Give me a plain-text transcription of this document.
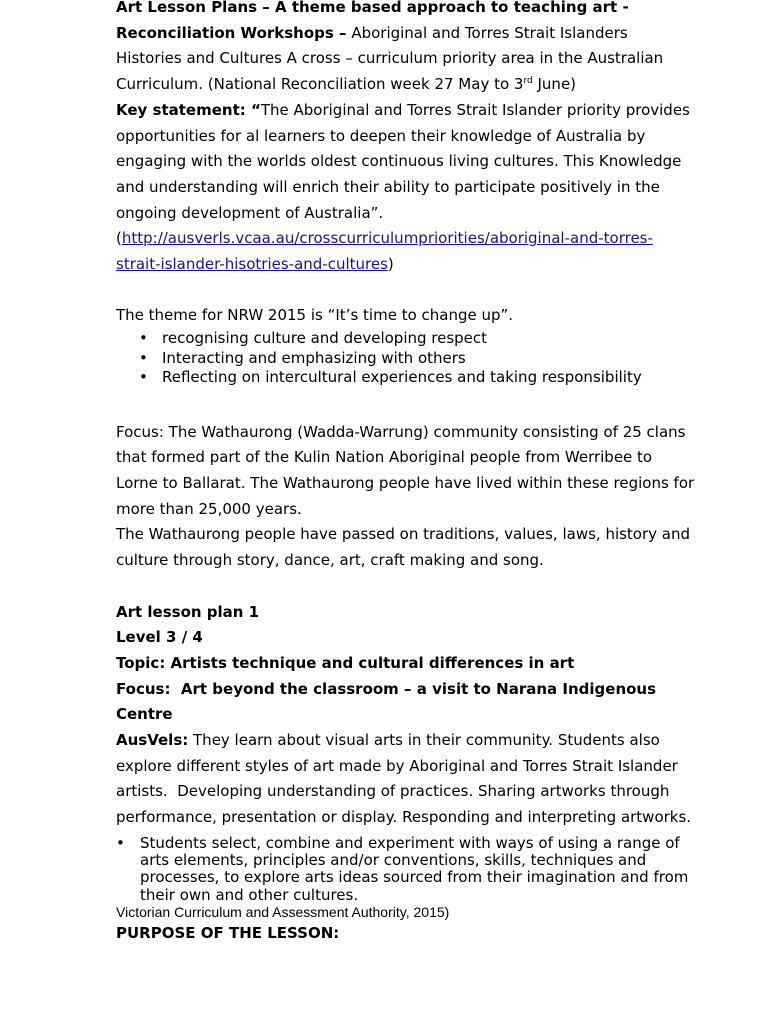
Art Lesson Plans – A theme based approach to teaching art - Reconciliation Workshops – Aboriginal and Torres Strait Islanders Histories and Cultures A cross – curriculum priority area in the Australian Curriculum. (National Reconciliation week 27 May to 3rd June)

Key statement: “The Aboriginal and Torres Strait Islander priority provides opportunities for al learners to deepen their knowledge of Australia by engaging with the worlds oldest continuous living cultures. This Knowledge and understanding will enrich their ability to participate positively in the ongoing development of Australia”.
(http://ausverls.vcaa.au/crosscurriculumpriorities/aboriginal-and-torres-strait-islander-hisotries-and-cultures)

The theme for NRW 2015 is “It’s time to change up”.

• recognising culture and developing respect
• Interacting and emphasizing with others
• Reflecting on intercultural experiences and taking responsibility

Focus: The Wathaurong (Wadda-Warrung) community consisting of 25 clans that formed part of the Kulin Nation Aboriginal people from Werribee to Lorne to Ballarat. The Wathaurong people have lived within these regions for more than 25,000 years.

The Wathaurong people have passed on traditions, values, laws, history and culture through story, dance, art, craft making and song.

Art lesson plan 1

Level 3 / 4

Topic: Artists technique and cultural differences in art

Focus:  Art beyond the classroom – a visit to Narana Indigenous Centre

AusVels: They learn about visual arts in their community. Students also explore different styles of art made by Aboriginal and Torres Strait Islander artists.  Developing understanding of practices. Sharing artworks through performance, presentation or display. Responding and interpreting artworks.

• Students select, combine and experiment with ways of using a range of arts elements, principles and/or conventions, skills, techniques and processes, to explore arts ideas sourced from their imagination and from their own and other cultures.

Victorian Curriculum and Assessment Authority, 2015)

PURPOSE OF THE LESSON:
